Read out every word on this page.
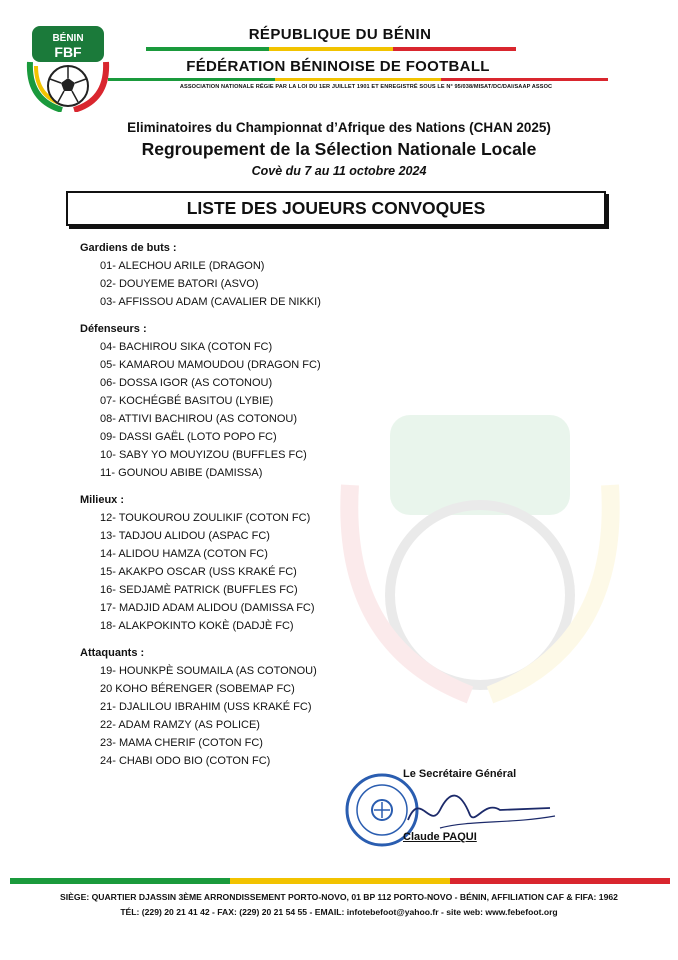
BÉNIN
FBF
RÉPUBLIQUE DU BÉNIN
FÉDÉRATION BÉNINOISE DE FOOTBALL
ASSOCIATION NATIONALE RÉGIE PAR LA LOI DU 1ER JUILLET 1901 ET ENREGISTRÉ SOUS LE N° 95/038/MISAT/DC/DAI/SAAP ASSOC
Eliminatoires du Championnat d’Afrique des Nations (CHAN 2025)
Regroupement de la Sélection Nationale Locale
Covè du 7 au 11 octobre 2024
LISTE DES JOUEURS CONVOQUES
Gardiens de buts :
01- ALECHOU ARILE (DRAGON)
02- DOUYEME BATORI (ASVO)
03- AFFISSOU ADAM (CAVALIER DE NIKKI)
Défenseurs :
04- BACHIROU SIKA (COTON FC)
05- KAMAROU MAMOUDOU (DRAGON FC)
06- DOSSA IGOR (AS COTONOU)
07- KOCHÉGBÉ BASITOU (LYBIE)
08- ATTIVI BACHIROU (AS COTONOU)
09- DASSI GAËL (LOTO POPO FC)
10- SABY YO MOUYIZOU (BUFFLES FC)
11- GOUNOU ABIBE (DAMISSA)
Milieux :
12- TOUKOUROU ZOULIKIF (COTON FC)
13- TADJOU ALIDOU (ASPAC FC)
14- ALIDOU HAMZA (COTON FC)
15- AKAKPO OSCAR (USS KRAKÉ FC)
16- SEDJAMÈ PATRICK (BUFFLES FC)
17- MADJID ADAM ALIDOU (DAMISSA FC)
18- ALAKPOKINTO KOKÈ (DADJÈ FC)
Attaquants :
19- HOUNKPÈ SOUMAILA (AS COTONOU)
20 KOHO BÉRENGER (SOBEMAP FC)
21- DJALILOU IBRAHIM (USS KRAKÉ FC)
22- ADAM RAMZY (AS POLICE)
23- MAMA CHERIF (COTON FC)
24- CHABI ODO BIO (COTON FC)
Le Secrétaire Général
Claude PAQUI
SIÈGE: QUARTIER DJASSIN 3ÈME ARRONDISSEMENT PORTO-NOVO, 01 BP 112 PORTO-NOVO - BÉNIN, AFFILIATION CAF & FIFA: 1962
TÉL: (229) 20 21 41 42 - FAX: (229) 20 21 54 55 - EMAIL: infotebefoot@yahoo.fr - site web: www.febefoot.org
